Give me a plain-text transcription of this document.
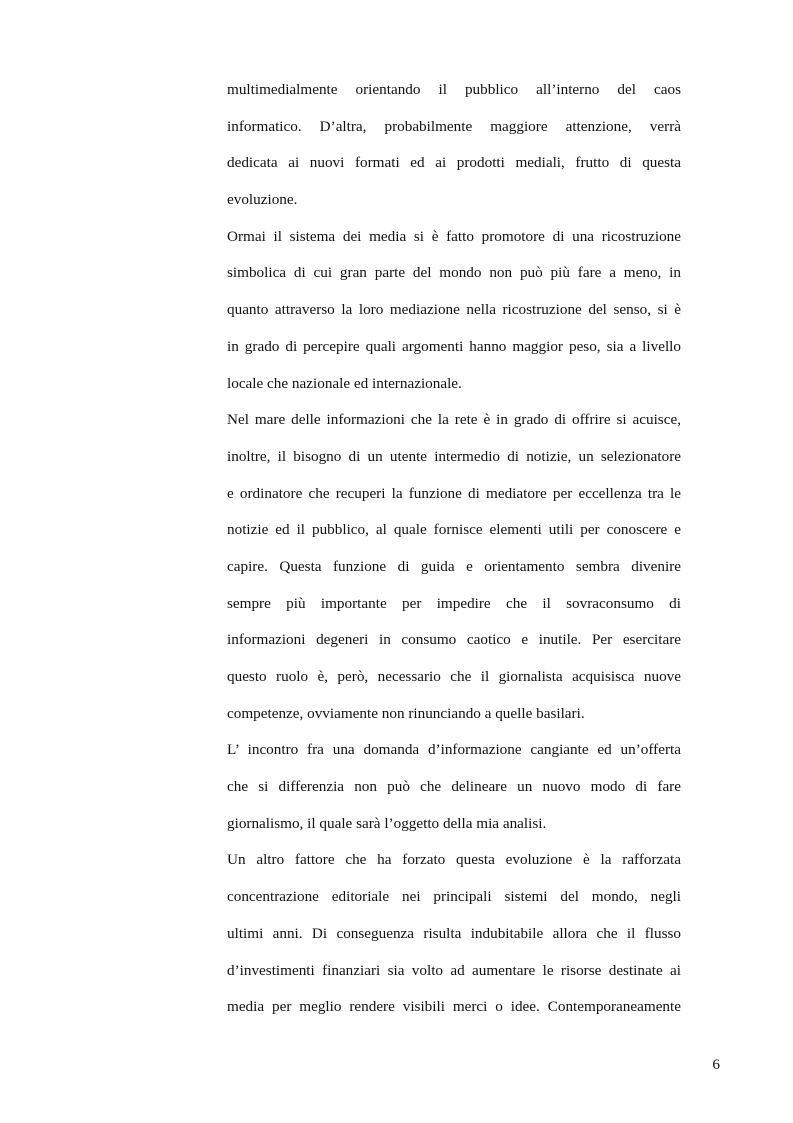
multimedialmente orientando il pubblico all’interno del caos
informatico. D’altra, probabilmente maggiore attenzione, verrà
dedicata ai nuovi formati ed ai prodotti mediali, frutto di questa
evoluzione.
Ormai il sistema dei media si è fatto promotore di una ricostruzione
simbolica di cui gran parte del mondo non può più fare a meno, in
quanto attraverso la loro mediazione nella ricostruzione del senso, si è
in grado di percepire quali argomenti hanno maggior peso, sia a livello
locale che nazionale ed internazionale.
Nel mare delle informazioni che la rete è in grado di offrire si acuisce,
inoltre, il bisogno di un utente intermedio di notizie, un selezionatore
e ordinatore che recuperi la funzione di mediatore per eccellenza tra le
notizie ed il pubblico, al quale fornisce elementi utili per conoscere e
capire. Questa funzione di guida e orientamento sembra divenire
sempre più importante per impedire che il sovraconsumo di
informazioni degeneri in consumo caotico e inutile. Per esercitare
questo ruolo è, però, necessario che il giornalista acquisisca nuove
competenze, ovviamente non rinunciando a quelle basilari.
L’ incontro fra una domanda d’informazione cangiante ed un’offerta
che si differenzia non può che delineare un nuovo modo di fare
giornalismo, il quale sarà l’oggetto della mia analisi.
Un altro fattore che ha forzato questa evoluzione è la rafforzata
concentrazione editoriale nei principali sistemi del mondo, negli
ultimi anni. Di conseguenza risulta indubitabile allora che il flusso
d’investimenti finanziari sia volto ad aumentare le risorse destinate ai
media per meglio rendere visibili merci o idee. Contemporaneamente
6
